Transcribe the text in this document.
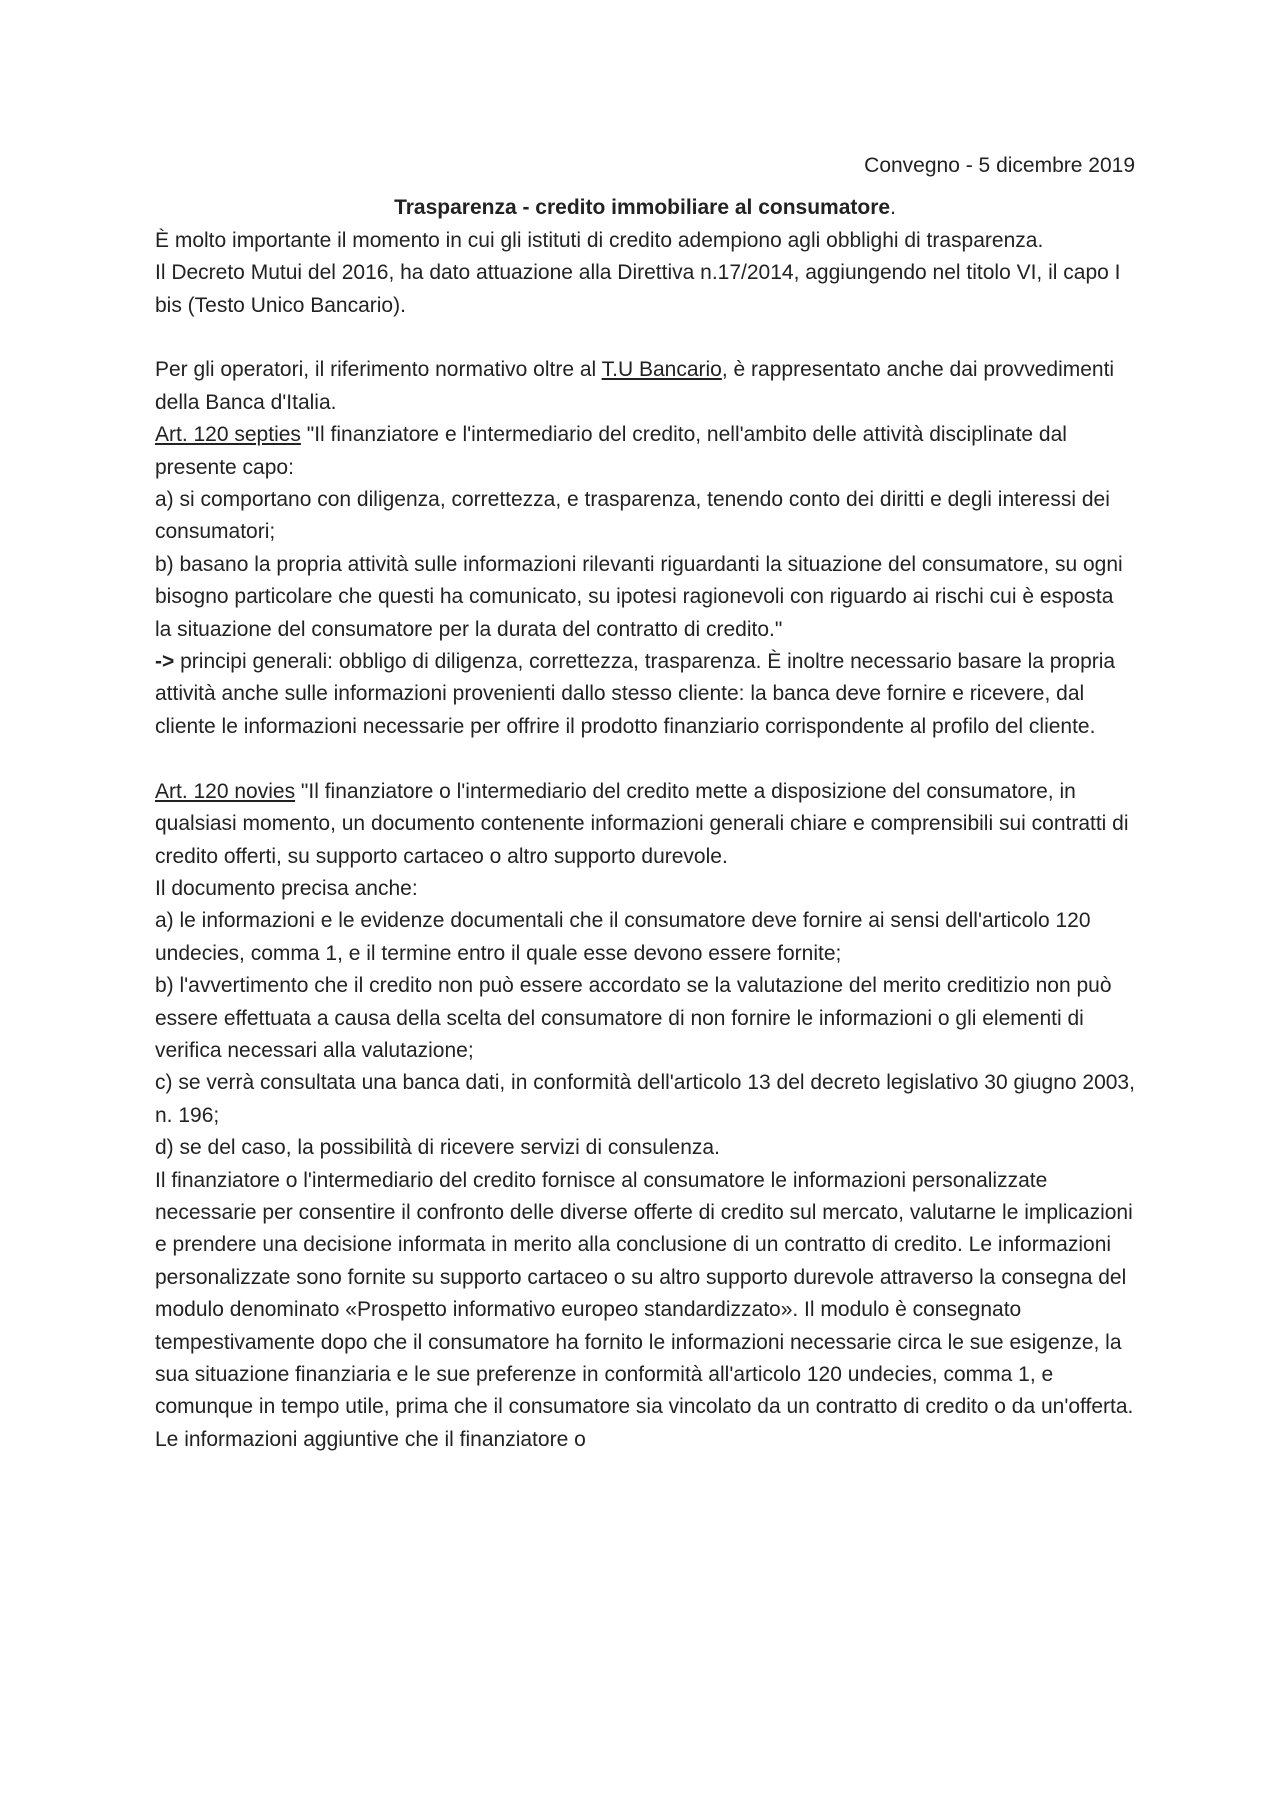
Convegno - 5 dicembre 2019

Trasparenza - credito immobiliare al consumatore.

È molto importante il momento in cui gli istituti di credito adempiono agli obblighi di trasparenza.

Il Decreto Mutui del 2016, ha dato attuazione alla Direttiva n.17/2014, aggiungendo nel titolo VI, il capo I bis (Testo Unico Bancario).

Per gli operatori, il riferimento normativo oltre al T.U Bancario, è rappresentato anche dai provvedimenti della Banca d'Italia.

Art. 120 septies "Il finanziatore e l'intermediario del credito, nell'ambito delle attività disciplinate dal presente capo:

a) si comportano con diligenza, correttezza, e trasparenza, tenendo conto dei diritti e degli interessi dei consumatori;

b) basano la propria attività sulle informazioni rilevanti riguardanti la situazione del consumatore, su ogni bisogno particolare che questi ha comunicato, su ipotesi ragionevoli con riguardo ai rischi cui è esposta la situazione del consumatore per la durata del contratto di credito."

-> principi generali: obbligo di diligenza, correttezza, trasparenza. È inoltre necessario basare la propria attività anche sulle informazioni provenienti dallo stesso cliente: la banca deve fornire e ricevere, dal cliente le informazioni necessarie per offrire il prodotto finanziario corrispondente al profilo del cliente.

Art. 120 novies "Il finanziatore o l'intermediario del credito mette a disposizione del consumatore, in qualsiasi momento, un documento contenente informazioni generali chiare e comprensibili sui contratti di credito offerti, su supporto cartaceo o altro supporto durevole.

Il documento precisa anche:

a) le informazioni e le evidenze documentali che il consumatore deve fornire ai sensi dell'articolo 120 undecies, comma 1, e il termine entro il quale esse devono essere fornite;

b) l'avvertimento che il credito non può essere accordato se la valutazione del merito creditizio non può essere effettuata a causa della scelta del consumatore di non fornire le informazioni o gli elementi di verifica necessari alla valutazione;

c) se verrà consultata una banca dati, in conformità dell'articolo 13 del decreto legislativo 30 giugno 2003, n. 196;

d) se del caso, la possibilità di ricevere servizi di consulenza.

Il finanziatore o l'intermediario del credito fornisce al consumatore le informazioni personalizzate necessarie per consentire il confronto delle diverse offerte di credito sul mercato, valutarne le implicazioni e prendere una decisione informata in merito alla conclusione di un contratto di credito. Le informazioni personalizzate sono fornite su supporto cartaceo o su altro supporto durevole attraverso la consegna del modulo denominato «Prospetto informativo europeo standardizzato». Il modulo è consegnato tempestivamente dopo che il consumatore ha fornito le informazioni necessarie circa le sue esigenze, la sua situazione finanziaria e le sue preferenze in conformità all'articolo 120 undecies, comma 1, e comunque in tempo utile, prima che il consumatore sia vincolato da un contratto di credito o da un'offerta. Le informazioni aggiuntive che il finanziatore o
